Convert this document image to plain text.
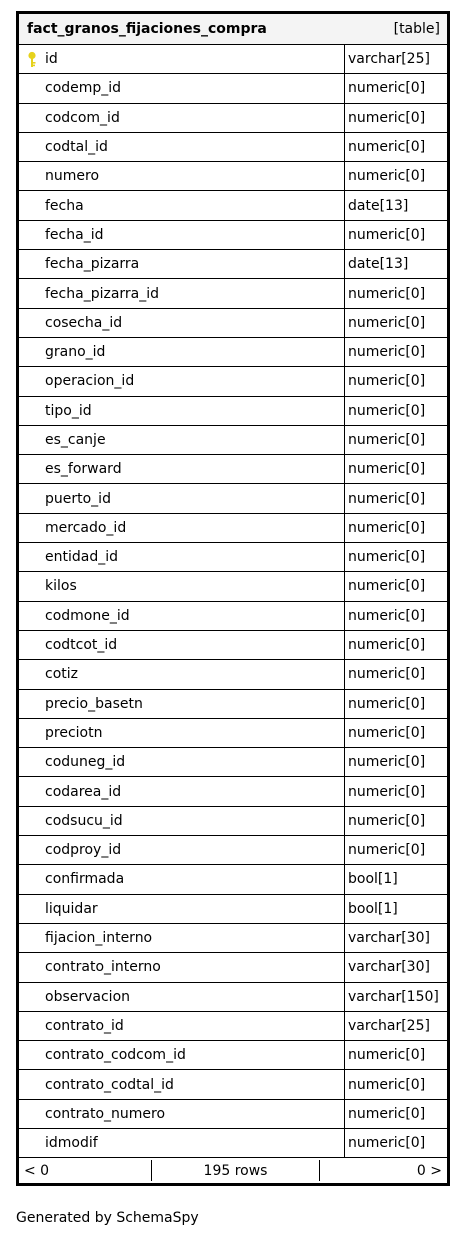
fact_granos_fijaciones_compra	[table]
id	varchar[25]
codemp_id	numeric[0]
codcom_id	numeric[0]
codtal_id	numeric[0]
numero	numeric[0]
fecha	date[13]
fecha_id	numeric[0]
fecha_pizarra	date[13]
fecha_pizarra_id	numeric[0]
cosecha_id	numeric[0]
grano_id	numeric[0]
operacion_id	numeric[0]
tipo_id	numeric[0]
es_canje	numeric[0]
es_forward	numeric[0]
puerto_id	numeric[0]
mercado_id	numeric[0]
entidad_id	numeric[0]
kilos	numeric[0]
codmone_id	numeric[0]
codtcot_id	numeric[0]
cotiz	numeric[0]
precio_basetn	numeric[0]
preciotn	numeric[0]
coduneg_id	numeric[0]
codarea_id	numeric[0]
codsucu_id	numeric[0]
codproy_id	numeric[0]
confirmada	bool[1]
liquidar	bool[1]
fijacion_interno	varchar[30]
contrato_interno	varchar[30]
observacion	varchar[150]
contrato_id	varchar[25]
contrato_codcom_id	numeric[0]
contrato_codtal_id	numeric[0]
contrato_numero	numeric[0]
idmodif	numeric[0]
< 0	195 rows	0 >
Generated by SchemaSpy
